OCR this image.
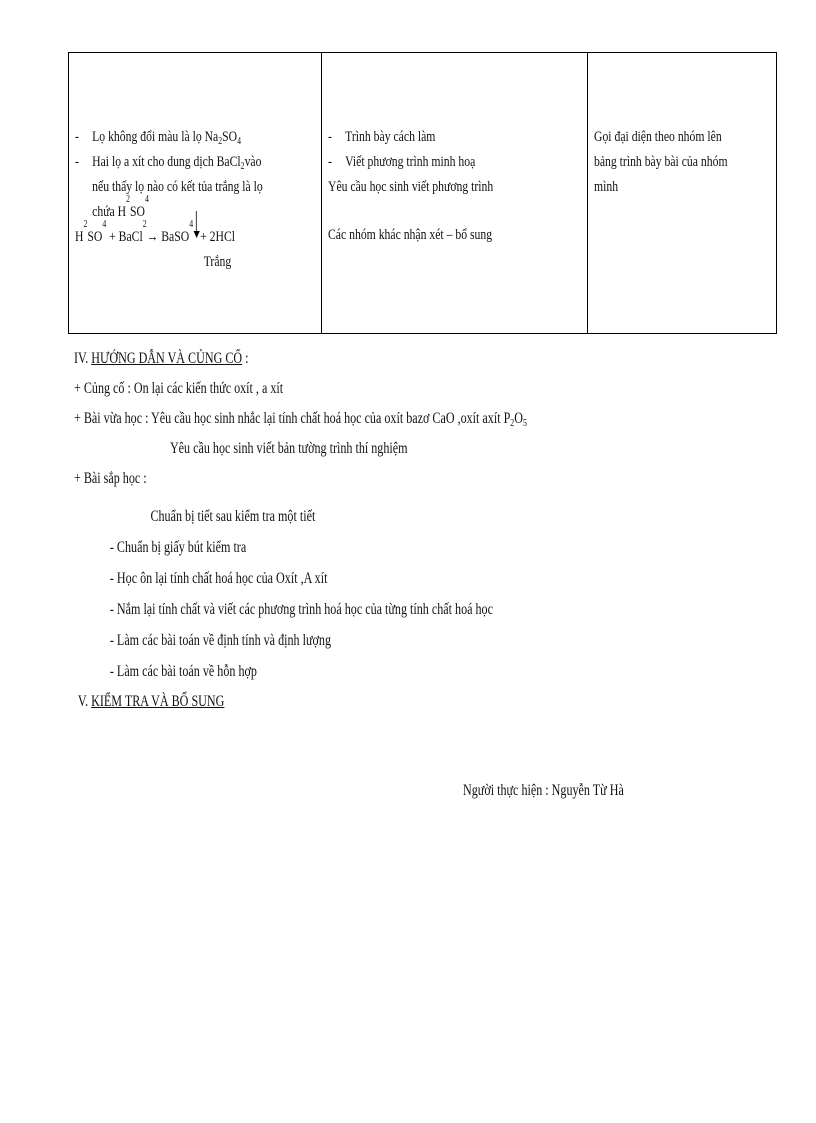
- Lọ không đổi màu là lọ $Na_2SO_4$
- Hai lọ a xít cho dung dịch BaCl$_2$vào
nếu thấy lọ nào có kết tủa trắng là lọ
chứa H
2
SO
4
H
2
SO
4

+ BaCl
2
→ BaSO
4
+ 2HCl
Trắng

- Trình bày cách làm
- Viết phương trình minh hoạ
Yêu cầu học sinh viết phương trình
Các nhóm khác nhận xét – bổ sung

Gọi đại diện theo nhóm lên
bảng trình bày bài của nhóm
mình
IV. HƯỚNG DẪN VÀ CỦNG CỐ :
+ Củng cố : On lại các kiến thức oxít , a xít
+ Bài vừa học : Yêu cầu học sinh nhắc lại tính chất hoá học của oxít bazơ CaO ,oxít axít $P_2O_5$
Yêu cầu học sinh viết bản tường trình thí nghiệm
+ Bài sắp học :
Chuẩn bị tiết sau kiểm tra một tiết
- Chuẩn bị giấy bút kiểm tra
- Học ôn lại tính chất hoá học của Oxít ,A xít
- Nắm lại tính chất và viết các phương trình hoá học của từng tính chất hoá học
- Làm các bài toán về định tính và định lượng
- Làm các bài toán về hỗn hợp
V. KIỂM TRA VÀ BỔ SUNG
Người thực hiện : Nguyễn Từ Hà
